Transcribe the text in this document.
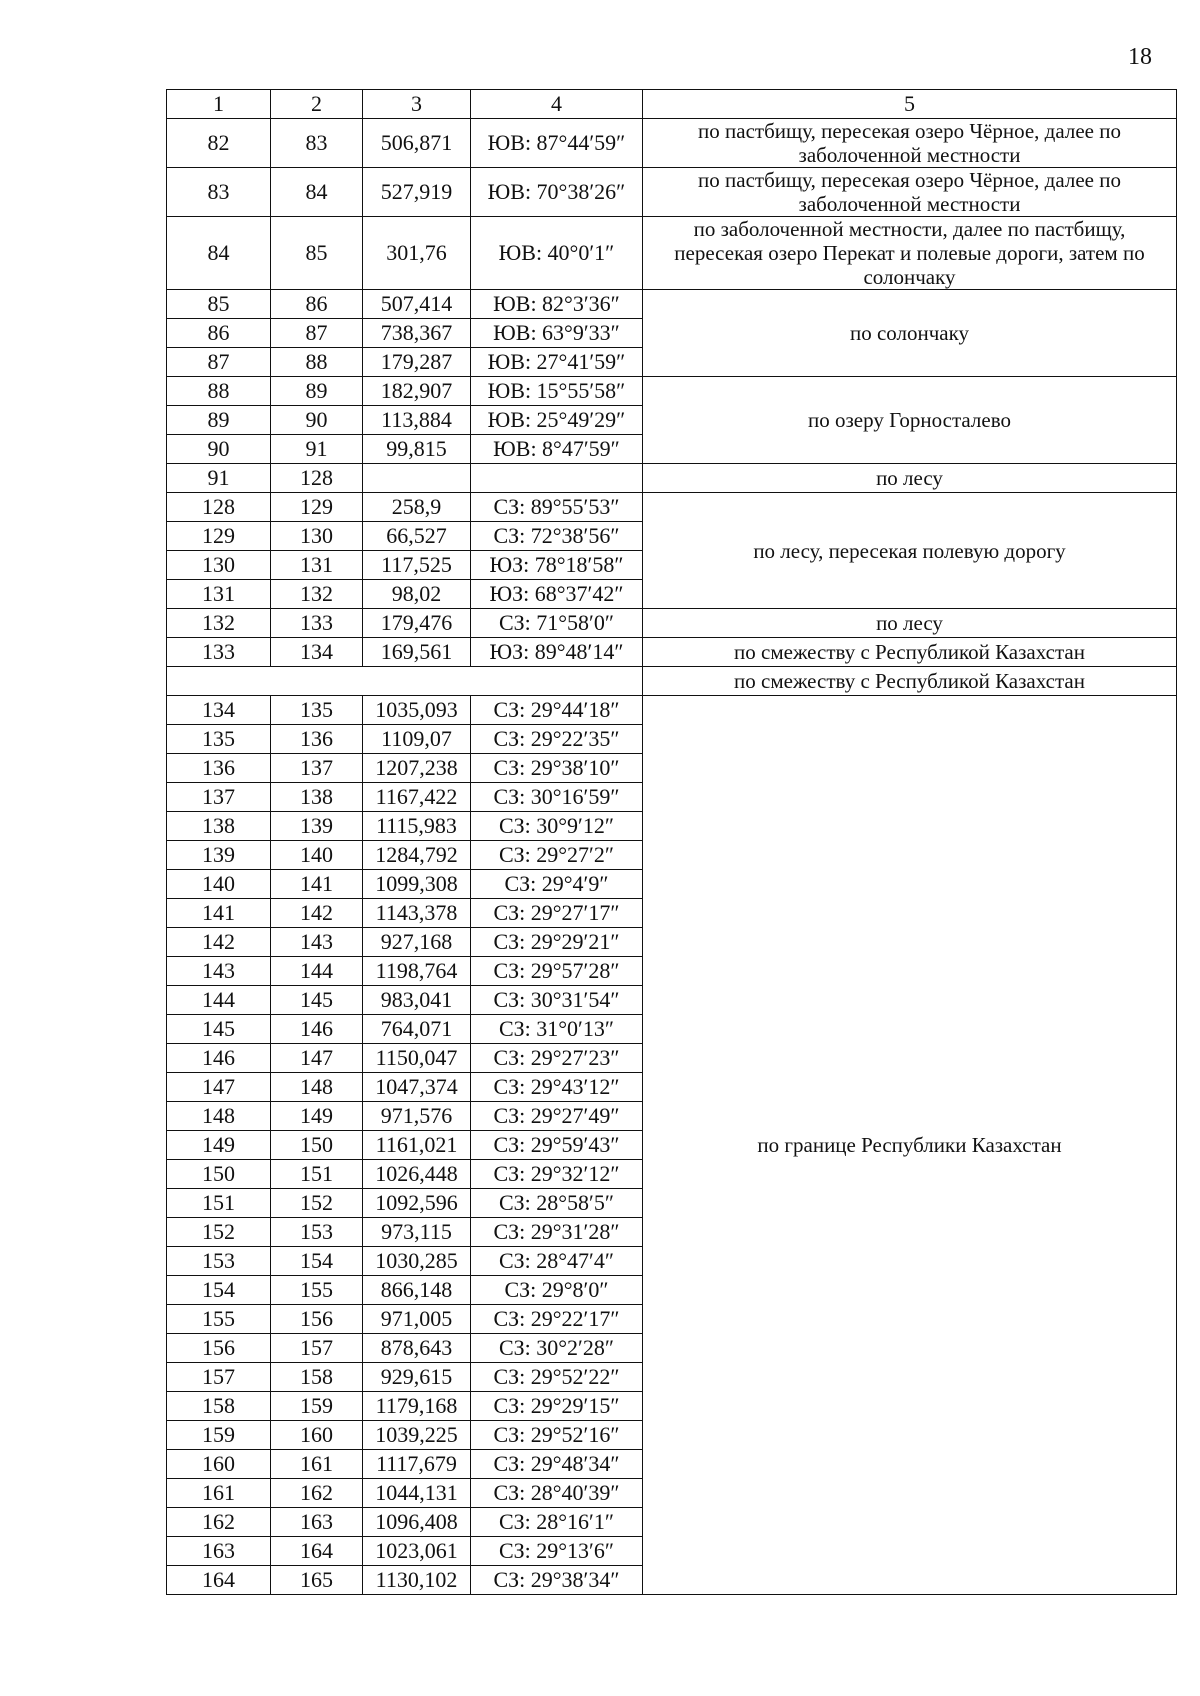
18
1	2	3	4	5
82	83	506,871	ЮВ: 87°44′59″	по пастбищу, пересекая озеро Чёрное, далее по заболоченной местности
83	84	527,919	ЮВ: 70°38′26″	по пастбищу, пересекая озеро Чёрное, далее по заболоченной местности
84	85	301,76	ЮВ: 40°0′1″	по заболоченной местности, далее по пастбищу, пересекая озеро Перекат и полевые дороги, затем по солончаку
85	86	507,414	ЮВ: 82°3′36″	по солончаку
86	87	738,367	ЮВ: 63°9′33″	
87	88	179,287	ЮВ: 27°41′59″	
88	89	182,907	ЮВ: 15°55′58″	по озеру Горносталево
89	90	113,884	ЮВ: 25°49′29″	
90	91	99,815	ЮВ: 8°47′59″	
91	128			по лесу
128	129	258,9	СЗ: 89°55′53″	по лесу, пересекая полевую дорогу
129	130	66,527	СЗ: 72°38′56″	
130	131	117,525	ЮЗ: 78°18′58″	
131	132	98,02	ЮЗ: 68°37′42″	
132	133	179,476	СЗ: 71°58′0″	по лесу
133	134	169,561	ЮЗ: 89°48′14″	по смежеству с Республикой Казахстан
				по смежеству с Республикой Казахстан
134	135	1035,093	СЗ: 29°44′18″	по границе Республики Казахстан
135	136	1109,07	СЗ: 29°22′35″	
136	137	1207,238	СЗ: 29°38′10″	
137	138	1167,422	СЗ: 30°16′59″	
138	139	1115,983	СЗ: 30°9′12″	
139	140	1284,792	СЗ: 29°27′2″	
140	141	1099,308	СЗ: 29°4′9″	
141	142	1143,378	СЗ: 29°27′17″	
142	143	927,168	СЗ: 29°29′21″	
143	144	1198,764	СЗ: 29°57′28″	
144	145	983,041	СЗ: 30°31′54″	
145	146	764,071	СЗ: 31°0′13″	
146	147	1150,047	СЗ: 29°27′23″	
147	148	1047,374	СЗ: 29°43′12″	
148	149	971,576	СЗ: 29°27′49″	
149	150	1161,021	СЗ: 29°59′43″	
150	151	1026,448	СЗ: 29°32′12″	
151	152	1092,596	СЗ: 28°58′5″	
152	153	973,115	СЗ: 29°31′28″	
153	154	1030,285	СЗ: 28°47′4″	
154	155	866,148	СЗ: 29°8′0″	
155	156	971,005	СЗ: 29°22′17″	
156	157	878,643	СЗ: 30°2′28″	
157	158	929,615	СЗ: 29°52′22″	
158	159	1179,168	СЗ: 29°29′15″	
159	160	1039,225	СЗ: 29°52′16″	
160	161	1117,679	СЗ: 29°48′34″	
161	162	1044,131	СЗ: 28°40′39″	
162	163	1096,408	СЗ: 28°16′1″	
163	164	1023,061	СЗ: 29°13′6″	
164	165	1130,102	СЗ: 29°38′34″	
